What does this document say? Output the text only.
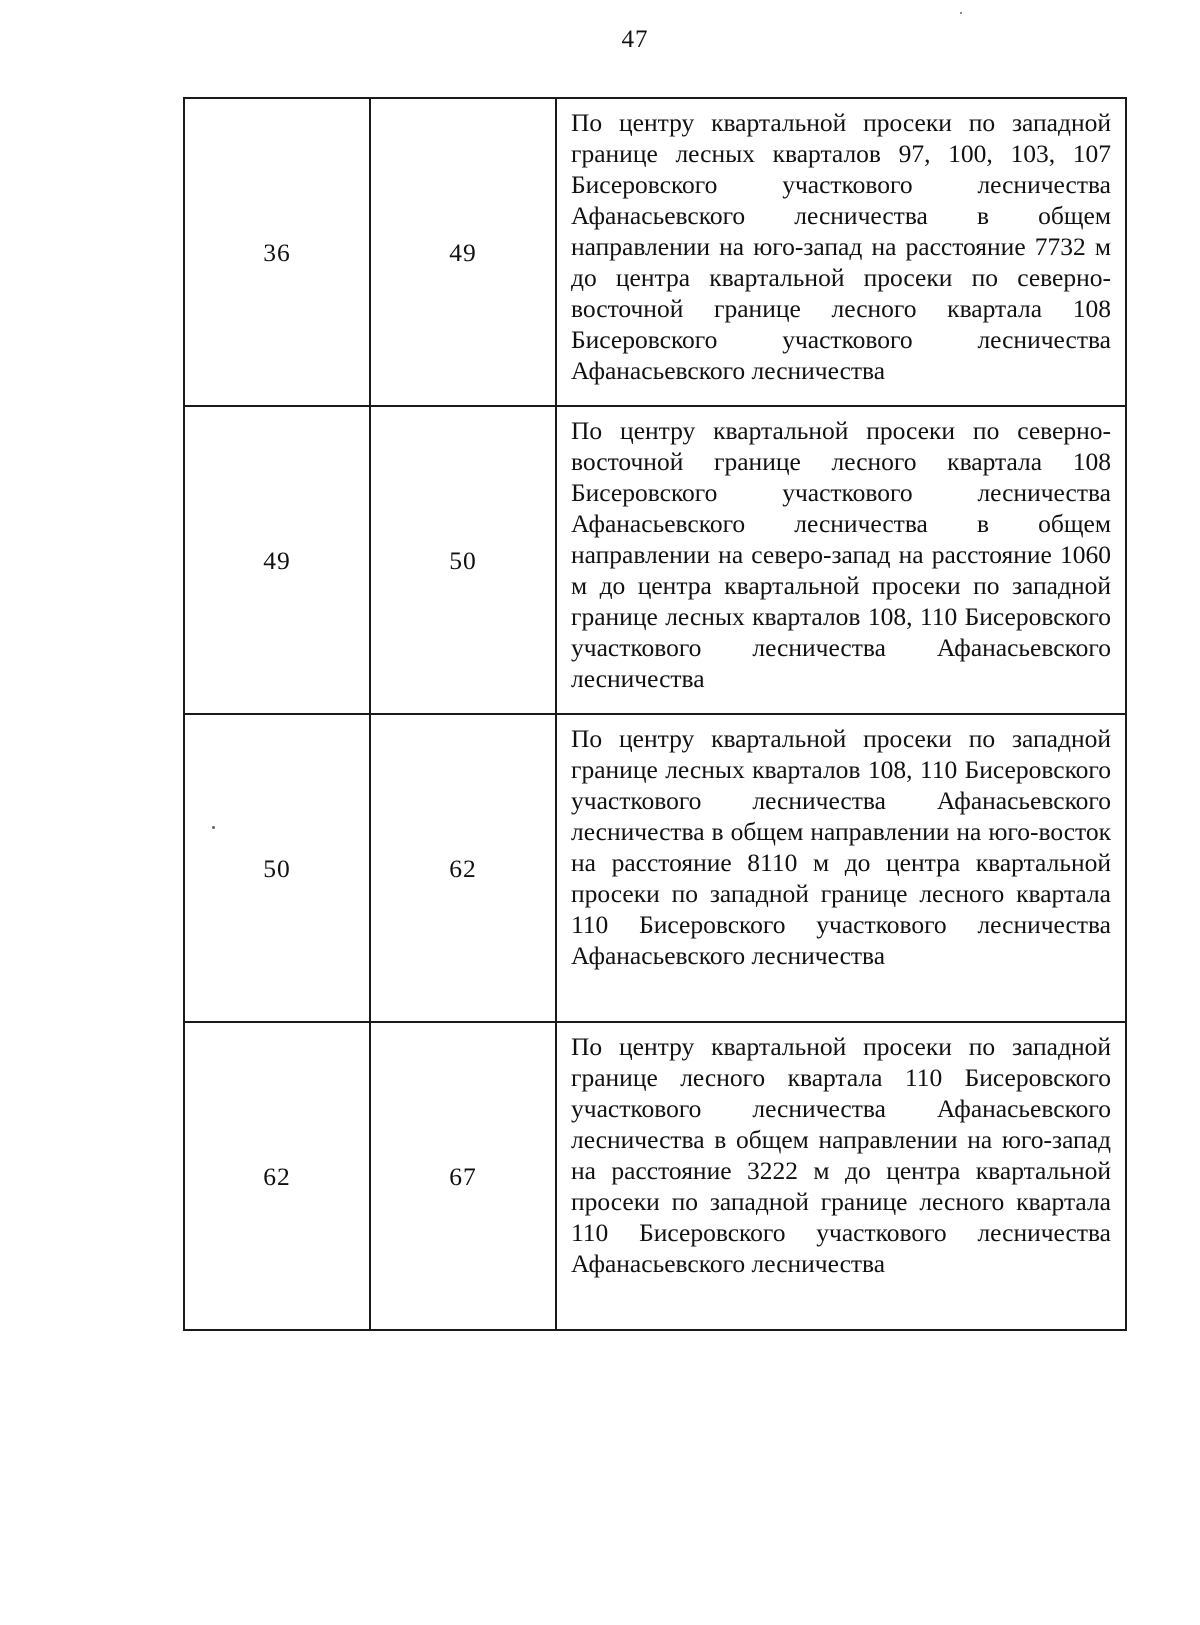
47
36	49	По центру квартальной просеки по западной границе лесных кварталов 97, 100, 103, 107 Бисеровского участкового лесничества Афанасьевского лесничества в общем направлении на юго-запад на расстояние 7732 м до центра квартальной просеки по северно-восточной границе лесного квартала 108 Бисеровского участкового лесничества Афанасьевского лесничества
49	50	По центру квартальной просеки по северно-восточной границе лесного квартала 108 Бисеровского участкового лесничества Афанасьевского лесничества в общем направлении на северо-запад на расстояние 1060 м до центра квартальной просеки по западной границе лесных кварталов 108, 110 Бисеровского участкового лесничества Афанасьевского лесничества
50	62	По центру квартальной просеки по западной границе лесных кварталов 108, 110 Бисеровского участкового лесничества Афанасьевского лесничества в общем направлении на юго-восток на расстояние 8110 м до центра квартальной просеки по западной границе лесного квартала 110 Бисеровского участкового лесничества Афанасьевского лесничества
62	67	По центру квартальной просеки по западной границе лесного квартала 110 Бисеровского участкового лесничества Афанасьевского лесничества в общем направлении на юго-запад на расстояние 3222 м до центра квартальной просеки по западной границе лесного квартала 110 Бисеровского участкового лесничества Афанасьевского лесничества
